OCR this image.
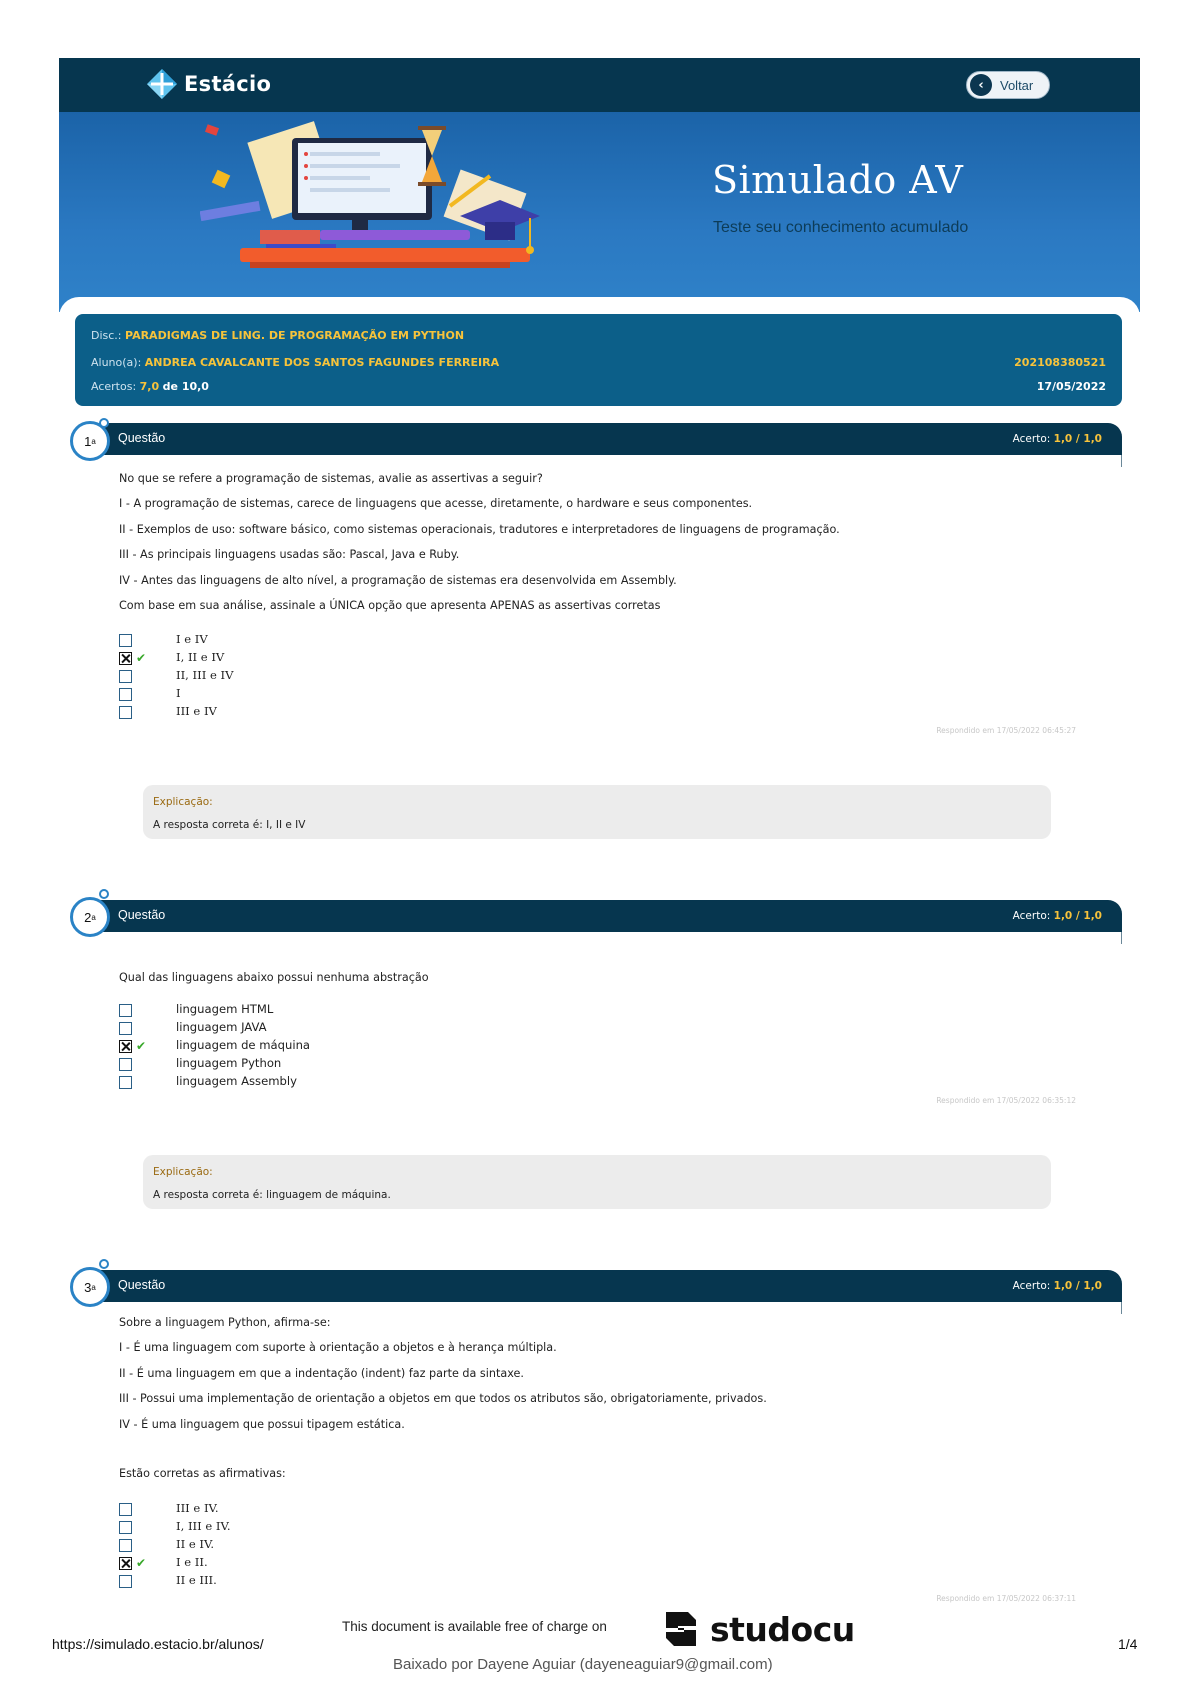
Estácio	‹	Voltar
Simulado AV
Teste seu conhecimento acumulado
Disc.: PARADIGMAS DE LING. DE PROGRAMAÇÃO EM PYTHON
Aluno(a): ANDREA CAVALCANTE DOS SANTOS FAGUNDES FERREIRA	202108380521
Acertos: 7,0 de 10,0	17/05/2022
Questão	Acerto: 1,0 / 1,0
1 a
No que se refere a programação de sistemas, avalie as assertivas a seguir?
I - A programação de sistemas, carece de linguagens que acesse, diretamente, o hardware e seus componentes.
II - Exemplos de uso: software básico, como sistemas operacionais, tradutores e interpretadores de linguagens de programação.
III - As principais linguagens usadas são: Pascal, Java e Ruby.
IV - Antes das linguagens de alto nível, a programação de sistemas era desenvolvida em Assembly.
Com base em sua análise, assinale a ÚNICA opção que apresenta APENAS as assertivas corretas
I e IV
✔	I, II e IV
II, III e IV
I
III e IV
Respondido em 17/05/2022 06:45:27
Explicação:
A resposta correta é: I, II e IV
Questão	Acerto: 1,0 / 1,0
2 a
Qual das linguagens abaixo possui nenhuma abstração
linguagem HTML
linguagem JAVA
✔	linguagem de máquina
linguagem Python
linguagem Assembly
Respondido em 17/05/2022 06:35:12
Explicação:
A resposta correta é: linguagem de máquina.
Questão	Acerto: 1,0 / 1,0
3 a
Sobre a linguagem Python, afirma-se:
I - É uma linguagem com suporte à orientação a objetos e à herança múltipla.
II - É uma linguagem em que a indentação (indent) faz parte da sintaxe.
III - Possui uma implementação de orientação a objetos em que todos os atributos são, obrigatoriamente, privados.
IV - É uma linguagem que possui tipagem estática.
Estão corretas as afirmativas:
III e IV.
I, III e IV.
II e IV.
✔	I e II.
II e III.
Respondido em 17/05/2022 06:37:11
This document is available free of charge on	studocu
https://simulado.estacio.br/alunos/	1/4
Baixado por Dayene Aguiar (dayeneaguiar9@gmail.com)
